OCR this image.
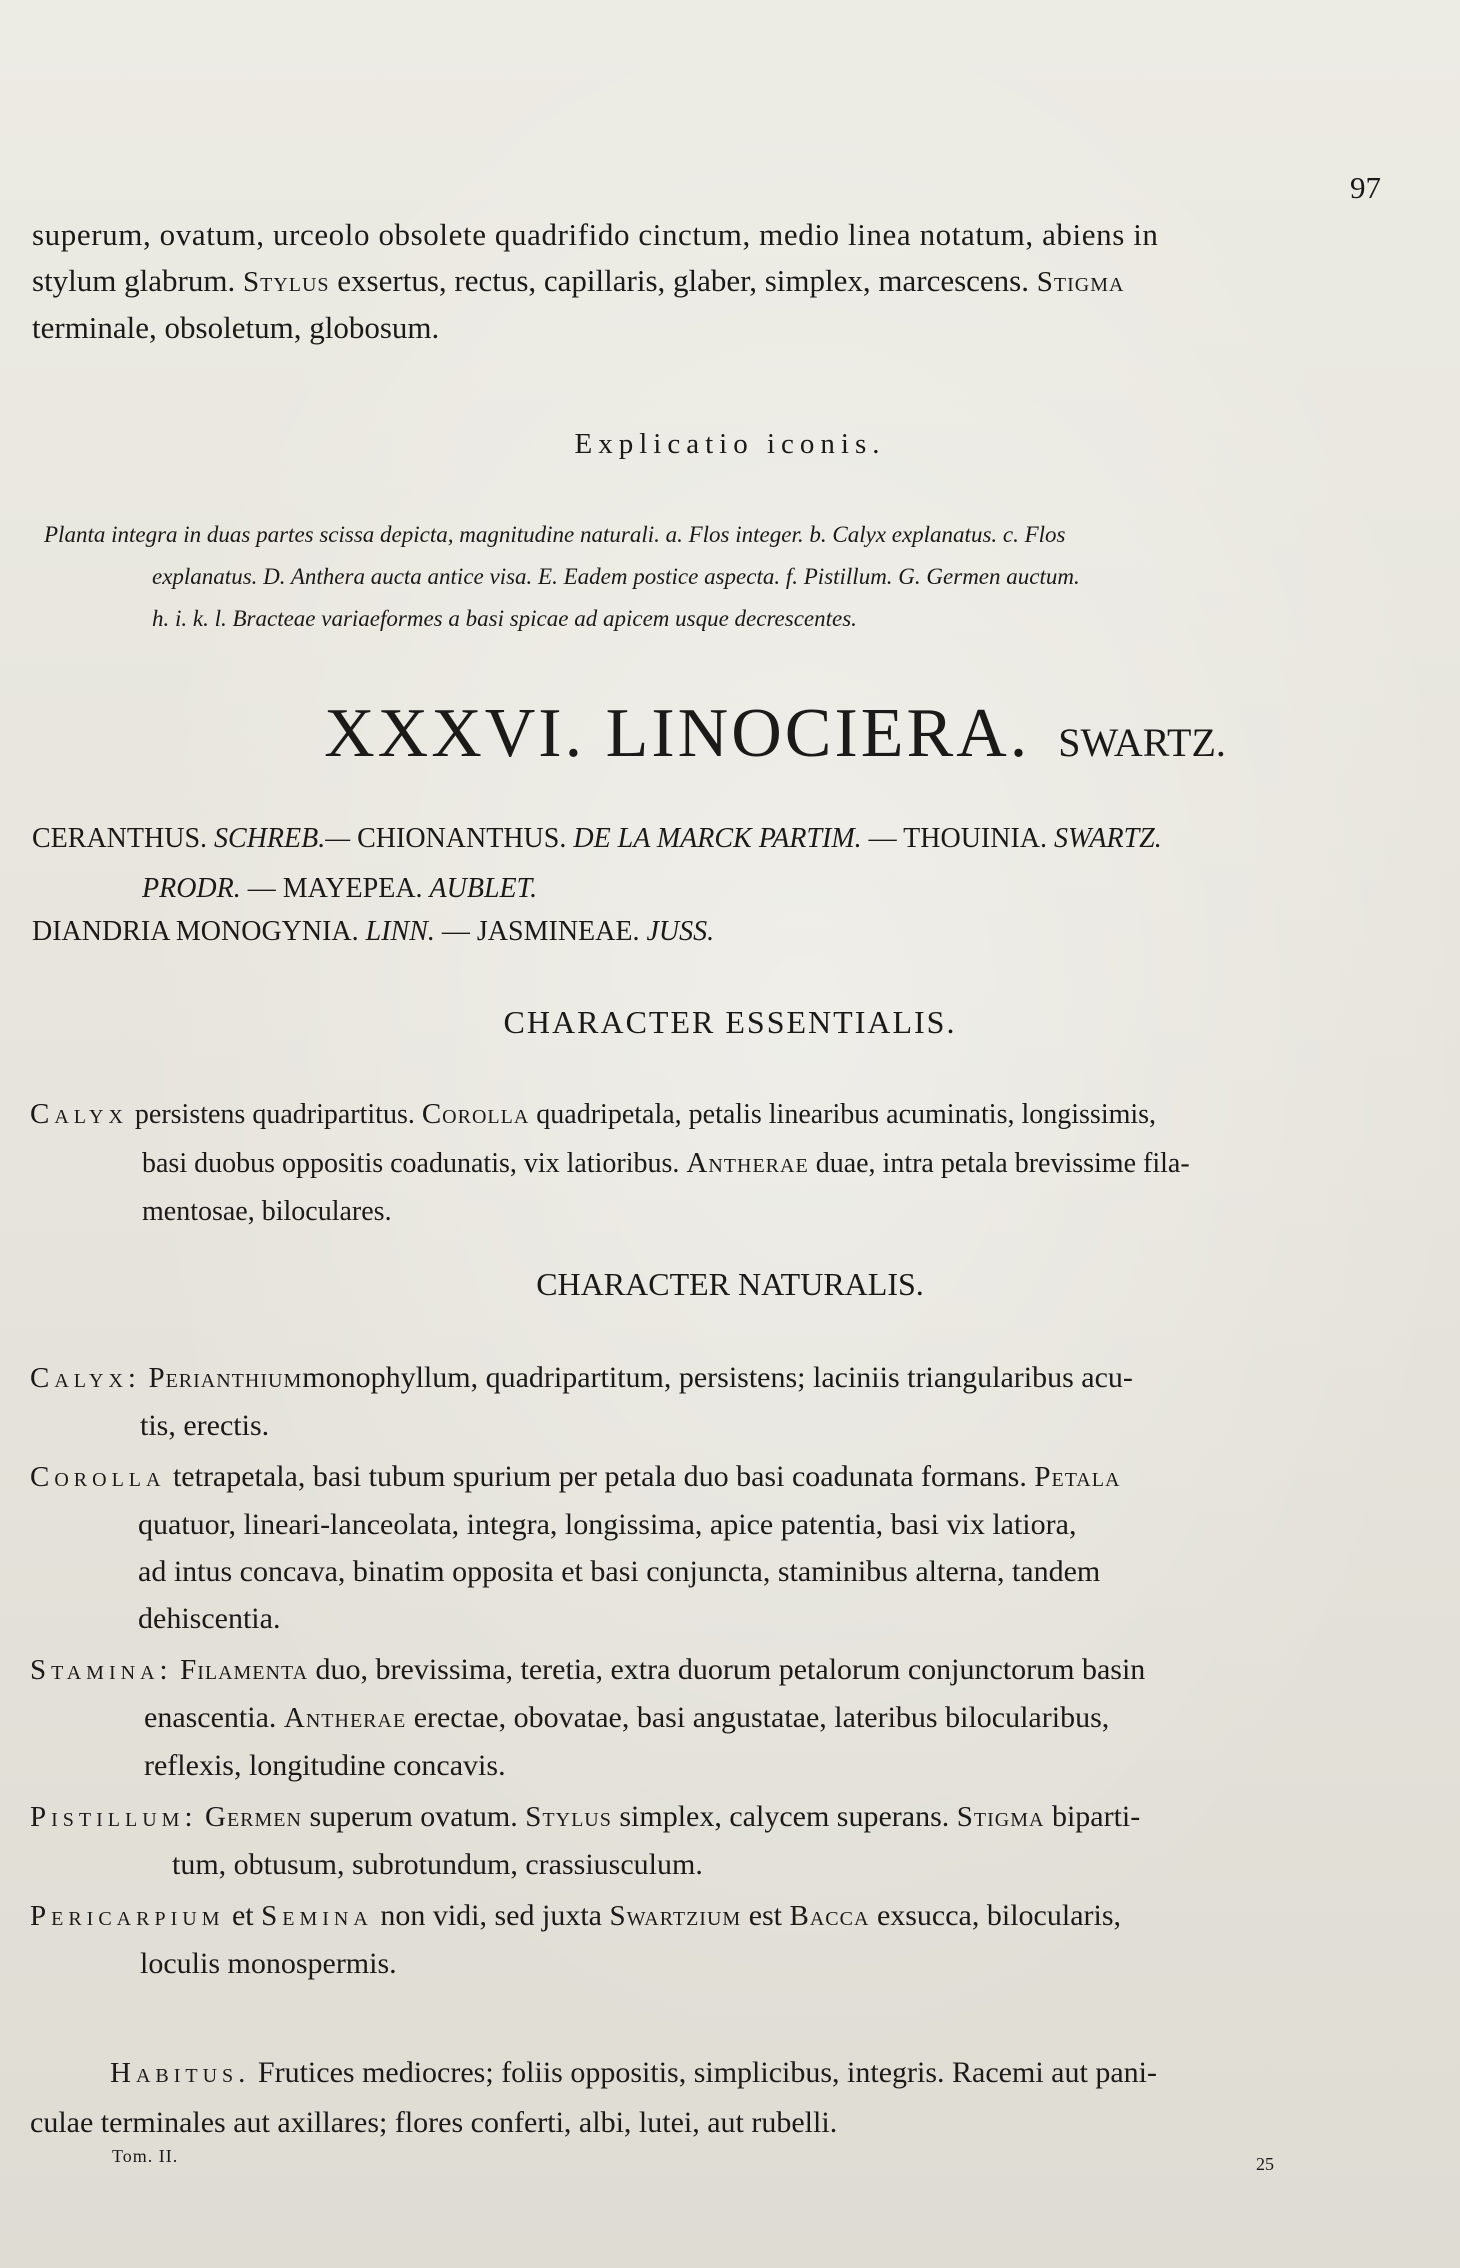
97
superum, ovatum, urceolo obsolete quadrifido cinctum, medio linea notatum, abiens in
stylum glabrum. Stylus exsertus, rectus, capillaris, glaber, simplex, marcescens. Stigma
terminale, obsoletum, globosum.
Explicatio iconis.
Planta integra in duas partes scissa depicta, magnitudine naturali. a. Flos integer. b. Calyx explanatus. c. Flos
explanatus. D. Anthera aucta antice visa. E. Eadem postice aspecta. f. Pistillum. G. Germen auctum.
h. i. k. l. Bracteae variaeformes a basi spicae ad apicem usque decrescentes.
XXXVI. LINOCIERA. SWARTZ.
CERANTHUS. SCHREB.— CHIONANTHUS. DE LA MARCK PARTIM. — THOUINIA. SWARTZ.
PRODR. — MAYEPEA. AUBLET.
DIANDRIA MONOGYNIA. LINN. — JASMINEAE. JUSS.
CHARACTER ESSENTIALIS.
Calyx persistens quadripartitus. Corolla quadripetala, petalis linearibus acuminatis, longissimis,
basi duobus oppositis coadunatis, vix latioribus. Antherae duae, intra petala brevissime fila-
mentosae, biloculares.
CHARACTER NATURALIS.
Calyx: Perianthiummonophyllum, quadripartitum, persistens; laciniis triangularibus acu-
tis, erectis.
Corolla tetrapetala, basi tubum spurium per petala duo basi coadunata formans. Petala
quatuor, lineari-lanceolata, integra, longissima, apice patentia, basi vix latiora,
ad intus concava, binatim opposita et basi conjuncta, staminibus alterna, tandem
dehiscentia.
Stamina: Filamenta duo, brevissima, teretia, extra duorum petalorum conjunctorum basin
enascentia. Antherae erectae, obovatae, basi angustatae, lateribus bilocularibus,
reflexis, longitudine concavis.
Pistillum: Germen superum ovatum. Stylus simplex, calycem superans. Stigma biparti-
tum, obtusum, subrotundum, crassiusculum.
Pericarpium et Semina non vidi, sed juxta Swartzium est Bacca exsucca, bilocularis,
loculis monospermis.
Habitus. Frutices mediocres; foliis oppositis, simplicibus, integris. Racemi aut pani-
culae terminales aut axillares; flores conferti, albi, lutei, aut rubelli.
Tom. II.	25
